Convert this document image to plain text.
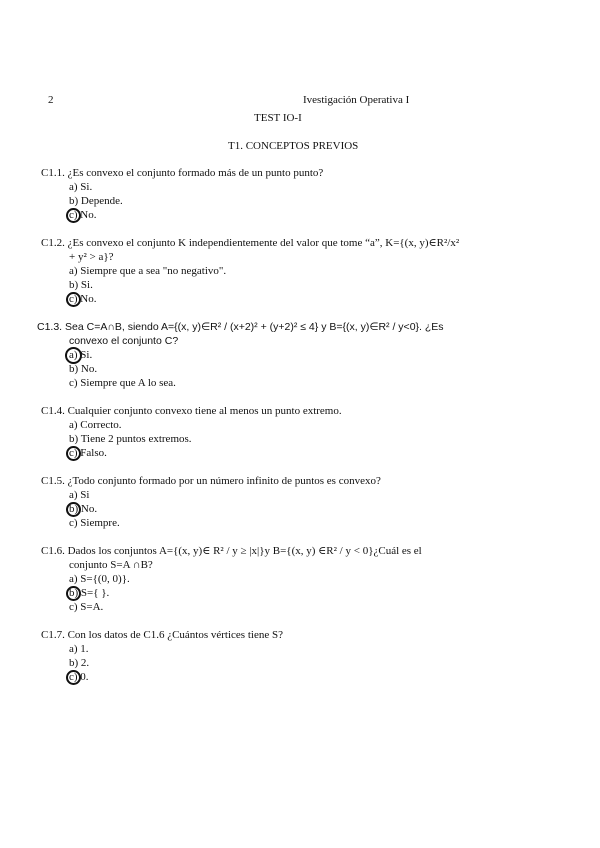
2	Ivestigación Operativa I
TEST IO-I
T1. CONCEPTOS PREVIOS
C1.1. ¿Es convexo el conjunto formado más de un punto punto?
a) Si.
b) Depende.
c) No.
C1.2. ¿Es convexo el conjunto K independientemente del valor que tome “a”, K={(x, y)∈R²/x²
+ y² > a}?
a) Siempre que a sea "no negativo".
b) Si.
c) No.
C1.3. Sea C=A∩B, siendo A={(x, y)∈R² / (x+2)² + (y+2)² ≤ 4} y B={(x, y)∈R² / y<0}. ¿Es
convexo el conjunto C?
a) Si.
b) No.
c) Siempre que A lo sea.
C1.4. Cualquier conjunto convexo tiene al menos un punto extremo.
a) Correcto.
b) Tiene 2 puntos extremos.
c) Falso.
C1.5. ¿Todo conjunto formado por un número infinito de puntos es convexo?
a) Si
b) No.
c) Siempre.
C1.6. Dados los conjuntos A={(x, y)∈ R² / y ≥ |x|}y B={(x, y) ∈R² / y < 0}¿Cuál es el
conjunto S=A ∩B?
a) S={(0, 0)}.
b) S={ }.
c) S=A.
C1.7. Con los datos de C1.6 ¿Cuántos vértices tiene S?
a) 1.
b) 2.
c) 0.
